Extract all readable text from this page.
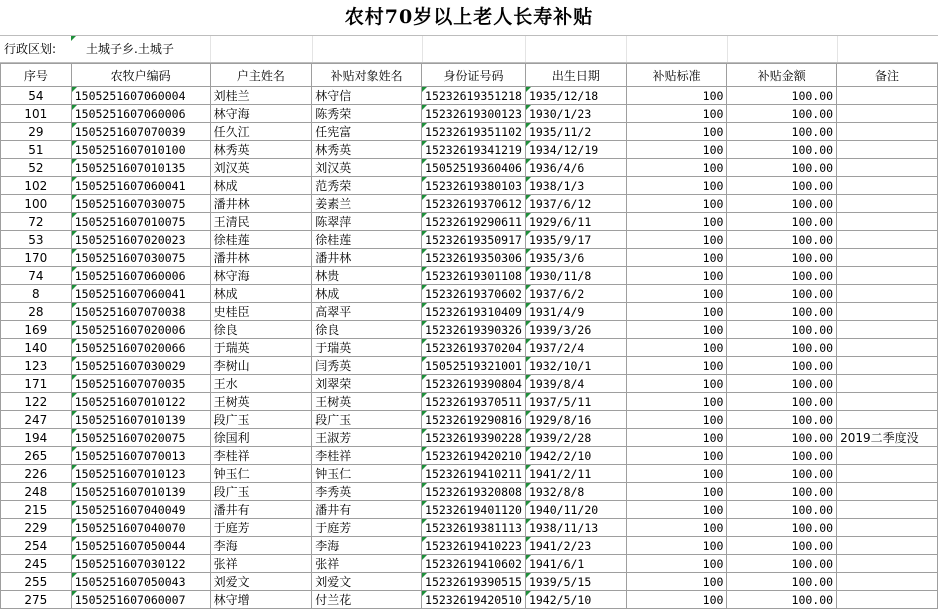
农村70岁以上老人长寿补贴
行政区划: 土城子乡.土城子
序号	农牧户编码	户主姓名	补贴对象姓名	身份证号码	出生日期	补贴标准	补贴金额	备注
54	1505251607060004	刘桂兰	林守信	15232619351218	1935/12/18	100	100.00	
101	1505251607060006	林守海	陈秀荣	15232619300123	1930/1/23	100	100.00	
29	1505251607070039	任久江	任宪富	15232619351102	1935/11/2	100	100.00	
51	1505251607010100	林秀英	林秀英	15232619341219	1934/12/19	100	100.00	
52	1505251607010135	刘汉英	刘汉英	15052519360406	1936/4/6	100	100.00	
102	1505251607060041	林成	范秀荣	15232619380103	1938/1/3	100	100.00	
100	1505251607030075	潘井林	姜素兰	15232619370612	1937/6/12	100	100.00	
72	1505251607010075	王清民	陈翠萍	15232619290611	1929/6/11	100	100.00	
53	1505251607020023	徐桂莲	徐桂莲	15232619350917	1935/9/17	100	100.00	
170	1505251607030075	潘井林	潘井林	15232619350306	1935/3/6	100	100.00	
74	1505251607060006	林守海	林贵	15232619301108	1930/11/8	100	100.00	
8	1505251607060041	林成	林成	15232619370602	1937/6/2	100	100.00	
28	1505251607070038	史桂臣	高翠平	15232619310409	1931/4/9	100	100.00	
169	1505251607020006	徐良	徐良	15232619390326	1939/3/26	100	100.00	
140	1505251607020066	于瑞英	于瑞英	15232619370204	1937/2/4	100	100.00	
123	1505251607030029	李树山	闫秀英	15052519321001	1932/10/1	100	100.00	
171	1505251607070035	王水	刘翠荣	15232619390804	1939/8/4	100	100.00	
122	1505251607010122	王树英	王树英	15232619370511	1937/5/11	100	100.00	
247	1505251607010139	段广玉	段广玉	15232619290816	1929/8/16	100	100.00	
194	1505251607020075	徐国利	王淑芳	15232619390228	1939/2/28	100	100.00	2019二季度没
265	1505251607070013	李桂祥	李桂祥	15232619420210	1942/2/10	100	100.00	
226	1505251607010123	钟玉仁	钟玉仁	15232619410211	1941/2/11	100	100.00	
248	1505251607010139	段广玉	李秀英	15232619320808	1932/8/8	100	100.00	
215	1505251607040049	潘井有	潘井有	15232619401120	1940/11/20	100	100.00	
229	1505251607040070	于庭芳	于庭芳	15232619381113	1938/11/13	100	100.00	
254	1505251607050044	李海	李海	15232619410223	1941/2/23	100	100.00	
245	1505251607030122	张祥	张祥	15232619410602	1941/6/1	100	100.00	
255	1505251607050043	刘爱文	刘爱文	15232619390515	1939/5/15	100	100.00	
275	1505251607060007	林守增	付兰花	15232619420510	1942/5/10	100	100.00	
